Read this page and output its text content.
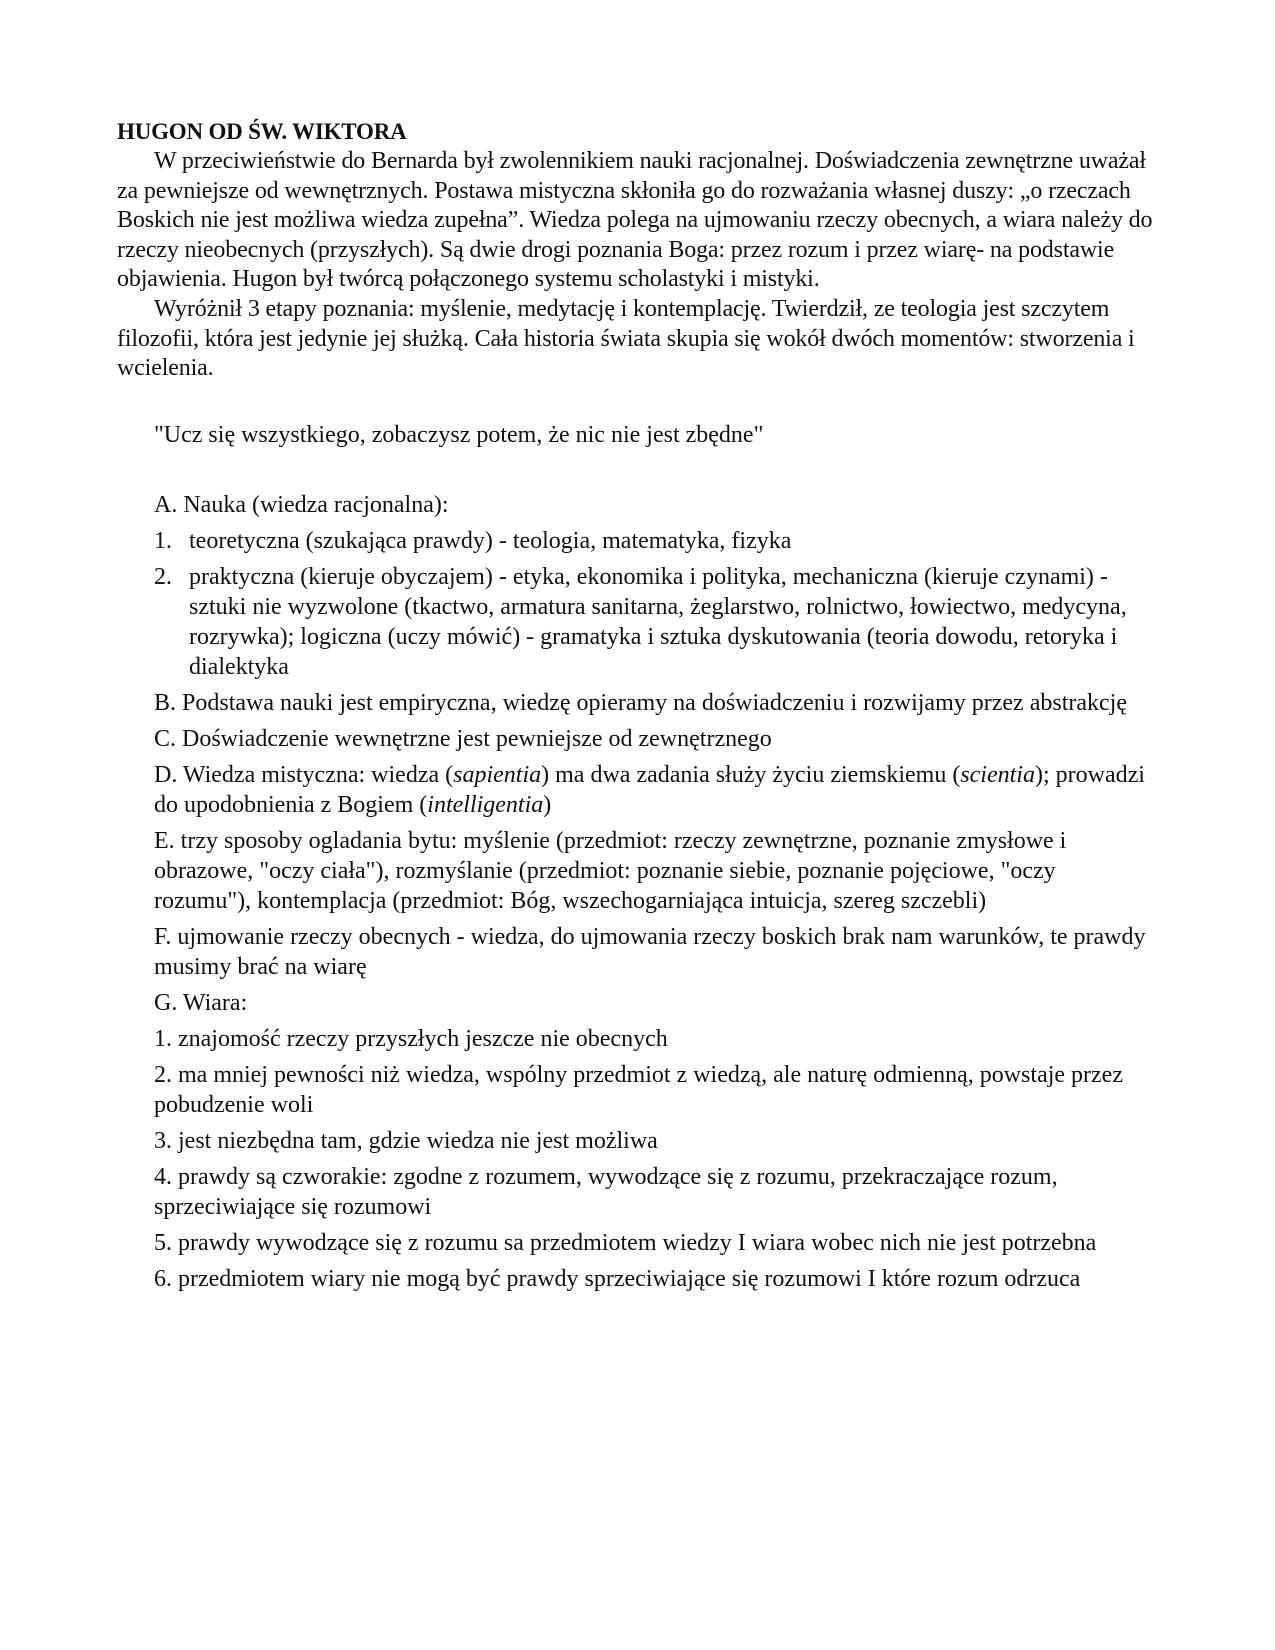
HUGON OD ŚW. WIKTORA

W przeciwieństwie do Bernarda był zwolennikiem nauki racjonalnej. Doświadczenia zewnętrzne uważał za pewniejsze od wewnętrznych. Postawa mistyczna skłoniła go do rozważania własnej duszy: „o rzeczach Boskich nie jest możliwa wiedza zupełna”. Wiedza polega na ujmowaniu rzeczy obecnych, a wiara należy do rzeczy nieobecnych (przyszłych). Są dwie drogi poznania Boga: przez rozum i przez wiarę- na podstawie objawienia. Hugon był twórcą połączonego systemu scholastyki i mistyki.

Wyróżnił 3 etapy poznania: myślenie, medytację i kontemplację. Twierdził, ze teologia jest szczytem filozofii, która jest jedynie jej służką. Cała historia świata skupia się wokół dwóch momentów: stworzenia i wcielenia.

"Ucz się wszystkiego, zobaczysz potem, że nic nie jest zbędne"

A. Nauka (wiedza racjonalna):
1. teoretyczna (szukająca prawdy) - teologia, matematyka, fizyka
2. praktyczna (kieruje obyczajem) - etyka, ekonomika i polityka, mechaniczna (kieruje czynami) - sztuki nie wyzwolone (tkactwo, armatura sanitarna, żeglarstwo, rolnictwo, łowiectwo, medycyna, rozrywka); logiczna (uczy mówić) - gramatyka i sztuka dyskutowania (teoria dowodu, retoryka i dialektyka
B. Podstawa nauki jest empiryczna, wiedzę opieramy na doświadczeniu i rozwijamy przez abstrakcję
C. Doświadczenie wewnętrzne jest pewniejsze od zewnętrznego
D. Wiedza mistyczna: wiedza (sapientia) ma dwa zadania służy życiu ziemskiemu (scientia); prowadzi do upodobnienia z Bogiem (intelligentia)
E. trzy sposoby ogladania bytu: myślenie (przedmiot: rzeczy zewnętrzne, poznanie zmysłowe i obrazowe, "oczy ciała"), rozmyślanie (przedmiot: poznanie siebie, poznanie pojęciowe, "oczy rozumu"), kontemplacja (przedmiot: Bóg, wszechogarniająca intuicja, szereg szczebli)
F. ujmowanie rzeczy obecnych - wiedza, do ujmowania rzeczy boskich brak nam warunków, te prawdy musimy brać na wiarę
G. Wiara:
1. znajomość rzeczy przyszłych jeszcze nie obecnych
2. ma mniej pewności niż wiedza, wspólny przedmiot z wiedzą, ale naturę odmienną, powstaje przez pobudzenie woli
3. jest niezbędna tam, gdzie wiedza nie jest możliwa
4. prawdy są czworakie: zgodne z rozumem, wywodzące się z rozumu, przekraczające rozum, sprzeciwiające się rozumowi
5. prawdy wywodzące się z rozumu sa przedmiotem wiedzy I wiara wobec nich nie jest potrzebna
6. przedmiotem wiary nie mogą być prawdy sprzeciwiające się rozumowi I które rozum odrzuca
